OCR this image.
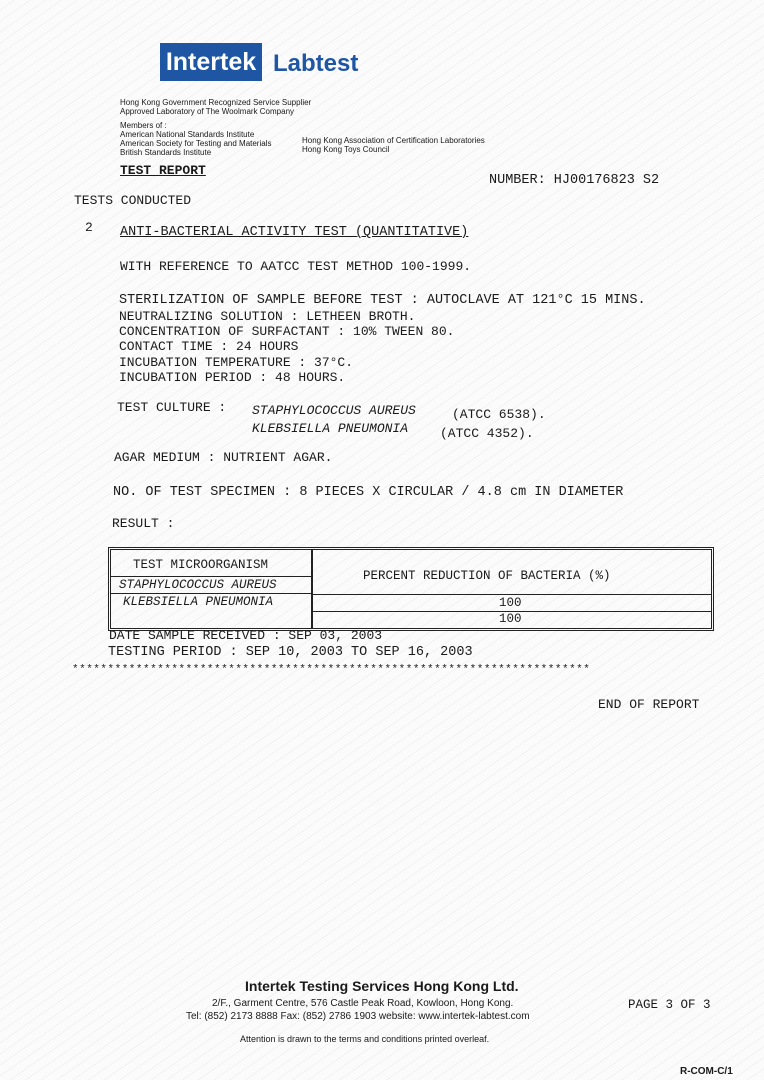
Intertek Labtest
Hong Kong Government Recognized Service Supplier
Approved Laboratory of The Woolmark Company
Members of :
American National Standards Institute
American Society for Testing and Materials
British Standards Institute
Hong Kong Association of Certification Laboratories
Hong Kong Toys Council
TEST REPORT
NUMBER: HJ00176823 S2
TESTS CONDUCTED
2 ANTI-BACTERIAL ACTIVITY TEST (QUANTITATIVE)
WITH REFERENCE TO AATCC TEST METHOD 100-1999.
STERILIZATION OF SAMPLE BEFORE TEST : AUTOCLAVE AT 121°C 15 MINS.
NEUTRALIZING SOLUTION : LETHEEN BROTH.
CONCENTRATION OF SURFACTANT : 10% TWEEN 80.
CONTACT TIME : 24 HOURS
INCUBATION TEMPERATURE : 37°C.
INCUBATION PERIOD : 48 HOURS.
TEST CULTURE : STAPHYLOCOCCUS AUREUS	(ATCC 6538).
KLEBSIELLA PNEUMONIA (ATCC 4352).
AGAR MEDIUM : NUTRIENT AGAR.
NO. OF TEST SPECIMEN : 8 PIECES X CIRCULAR / 4.8 cm IN DIAMETER
RESULT :
TEST MICROORGANISM
PERCENT REDUCTION OF BACTERIA (%)
STAPHYLOCOCCUS AUREUS
100
KLEBSIELLA PNEUMONIA
100
DATE SAMPLE RECEIVED : SEP 03, 2003
TESTING PERIOD : SEP 10, 2003 TO SEP 16, 2003
*************************************************************************
END OF REPORT
Intertek Testing Services Hong Kong Ltd.
2/F., Garment Centre, 576 Castle Peak Road, Kowloon, Hong Kong.
Tel: (852) 2173 8888 Fax: (852) 2786 1903 website: www.intertek-labtest.com
Attention is drawn to the terms and conditions printed overleaf.
PAGE 3 OF 3
R-COM-C/1
